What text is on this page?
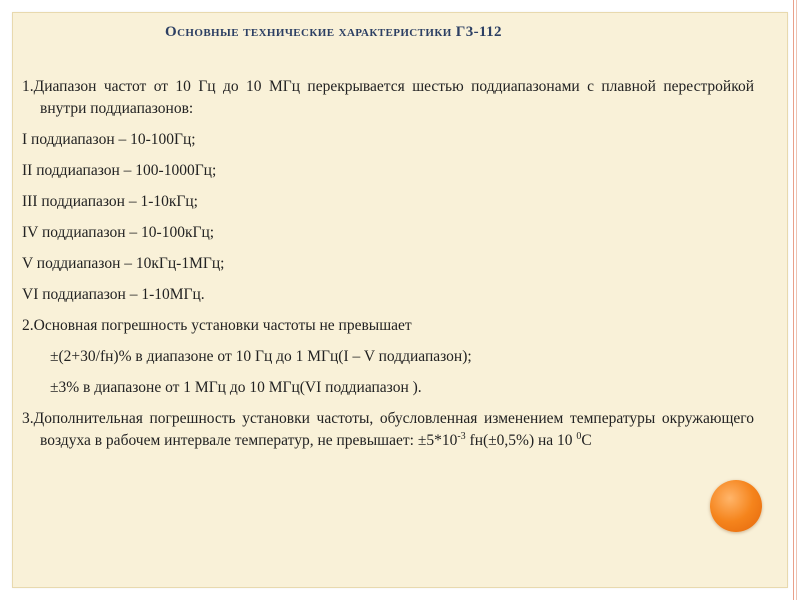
Основные технические характеристики Г3-112

1.Диапазон частот от 10 Гц до 10 МГц перекрывается шестью поддиапазонами с плавной перестройкой внутри поддиапазонов:

I поддиапазон – 10-100Гц;

II поддиапазон – 100-1000Гц;

III поддиапазон – 1-10кГц;

IV поддиапазон – 10-100кГц;

V поддиапазон – 10кГц-1МГц;

VI поддиапазон – 1-10МГц.

2.Основная погрешность установки частоты не превышает

±(2+30/fн)% в диапазоне от 10 Гц до 1 МГц(I – V поддиапазон);

±3% в диапазоне от 1 МГц до 10 МГц(VI поддиапазон ).

3.Дополнительная погрешность установки частоты, обусловленная изменением температуры окружающего воздуха в рабочем интервале температур, не превышает: $\pm 5*10^{-3}$ fн(±0,5%) на 10 $^0$С
